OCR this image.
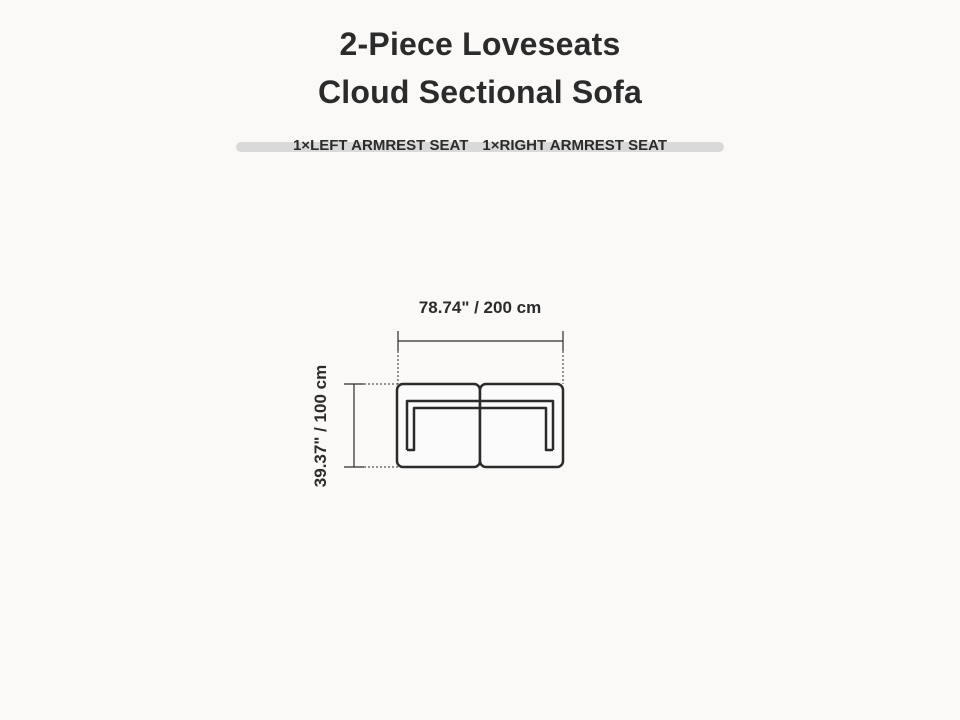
2-Piece Loveseats
Cloud Sectional Sofa
1×LEFT ARMREST SEAT 1×RIGHT ARMREST SEAT
78.74" / 200 cm
39.37" / 100 cm
